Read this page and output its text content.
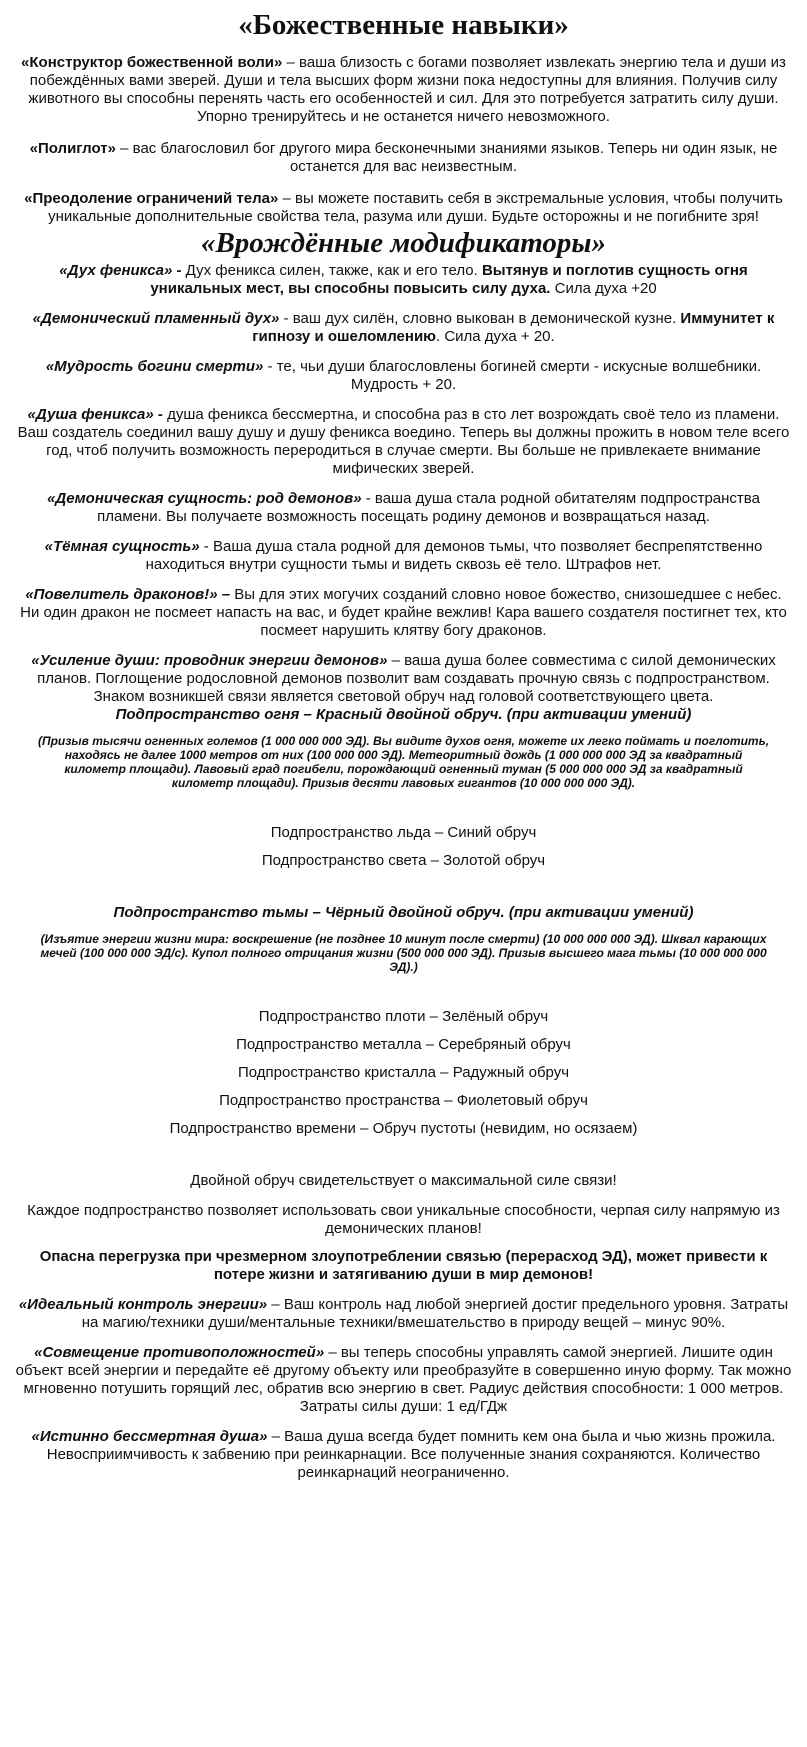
«Божественные навыки»

«Конструктор божественной воли» – ваша близость с богами позволяет извлекать энергию тела и души из побеждённых вами зверей. Души и тела высших форм жизни пока недоступны для влияния. Получив силу животного вы способны перенять часть его особенностей и сил. Для это потребуется затратить силу души. Упорно тренируйтесь и не останется ничего невозможного.

«Полиглот» – вас благословил бог другого мира бесконечными знаниями языков. Теперь ни один язык, не останется для вас неизвестным.

«Преодоление ограничений тела» – вы можете поставить себя в экстремальные условия, чтобы получить уникальные дополнительные свойства тела, разума или души. Будьте осторожны и не погибните зря!

«Врождённые модификаторы»

«Дух феникса» - Дух феникса силен, также, как и его тело. Вытянув и поглотив сущность огня уникальных мест, вы способны повысить силу духа. Сила духа +20

«Демонический пламенный дух» - ваш дух силён, словно выкован в демонической кузне. Иммунитет к гипнозу и ошеломлению. Сила духа + 20.

«Мудрость богини смерти» - те, чьи души благословлены богиней смерти - искусные волшебники. Мудрость + 20.

«Душа феникса» - душа феникса бессмертна, и способна раз в сто лет возрождать своё тело из пламени. Ваш создатель соединил вашу душу и душу феникса воедино. Теперь вы должны прожить в новом теле всего год, чтоб получить возможность переродиться в случае смерти. Вы больше не привлекаете внимание мифических зверей.

«Демоническая сущность: род демонов» - ваша душа стала родной обитателям подпространства пламени. Вы получаете возможность посещать родину демонов и возвращаться назад.

«Тёмная сущность» - Ваша душа стала родной для демонов тьмы, что позволяет беспрепятственно находиться внутри сущности тьмы и видеть сквозь её тело. Штрафов нет.

«Повелитель драконов!» – Вы для этих могучих созданий словно новое божество, снизошедшее с небес. Ни один дракон не посмеет напасть на вас, и будет крайне вежлив! Кара вашего создателя постигнет тех, кто посмеет нарушить клятву богу драконов.

«Усиление души: проводник энергии демонов» – ваша душа более совместима с силой демонических планов. Поглощение родословной демонов позволит вам создавать прочную связь с подпространством. Знаком возникшей связи является световой обруч над головой соответствующего цвета.

Подпространство огня – Красный двойной обруч. (при активации умений)

(Призыв тысячи огненных големов (1 000 000 000 ЭД). Вы видите духов огня, можете их легко поймать и поглотить, находясь не далее 1000 метров от них (100 000 000 ЭД). Метеоритный дождь (1 000 000 000 ЭД за квадратный километр площади). Лавовый град погибели, порождающий огненный туман (5 000 000 000 ЭД за квадратный километр площади). Призыв десяти лавовых гигантов (10 000 000 000 ЭД).

Подпространство льда – Синий обруч

Подпространство света – Золотой обруч

Подпространство тьмы – Чёрный двойной обруч. (при активации умений)

(Изъятие энергии жизни мира: воскрешение (не позднее 10 минут после смерти) (10 000 000 000 ЭД). Шквал карающих мечей (100 000 000 ЭД/с). Купол полного отрицания жизни (500 000 000 ЭД). Призыв высшего мага тьмы (10 000 000 000 ЭД).)

Подпространство плоти – Зелёный обруч

Подпространство металла – Серебряный обруч

Подпространство кристалла – Радужный обруч

Подпространство пространства – Фиолетовый обруч

Подпространство времени – Обруч пустоты (невидим, но осязаем)

Двойной обруч свидетельствует о максимальной силе связи!

Каждое подпространство позволяет использовать свои уникальные способности, черпая силу напрямую из демонических планов!

Опасна перегрузка при чрезмерном злоупотреблении связью (перерасход ЭД), может привести к потере жизни и затягиванию души в мир демонов!

«Идеальный контроль энергии» – Ваш контроль над любой энергией достиг предельного уровня. Затраты на магию/техники души/ментальные техники/вмешательство в природу вещей – минус 90%.

«Совмещение противоположностей» – вы теперь способны управлять самой энергией. Лишите один объект всей энергии и передайте её другому объекту или преобразуйте в совершенно иную форму. Так можно мгновенно потушить горящий лес, обратив всю энергию в свет. Радиус действия способности: 1 000 метров. Затраты силы души: 1 ед/ГДж

«Истинно бессмертная душа» – Ваша душа всегда будет помнить кем она была и чью жизнь прожила. Невосприимчивость к забвению при реинкарнации. Все полученные знания сохраняются. Количество реинкарнаций неограниченно.
